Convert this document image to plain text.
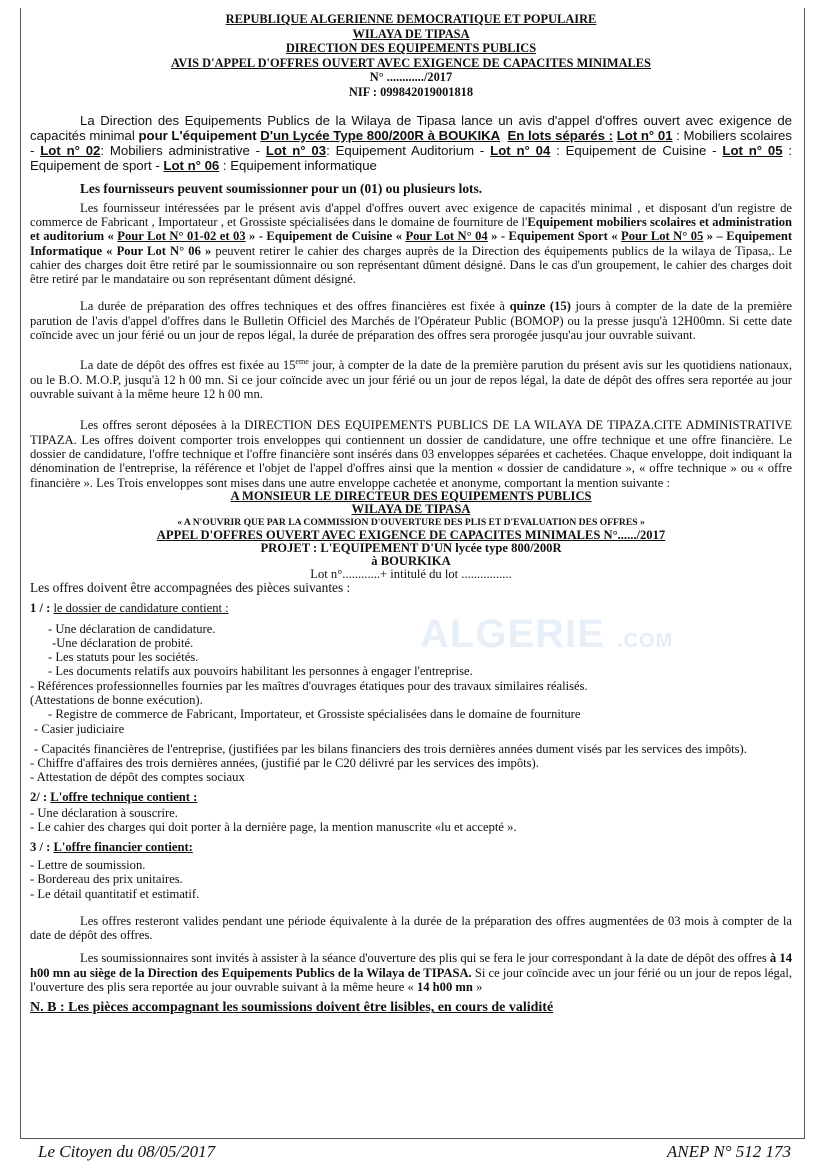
ALGERIE .COM
REPUBLIQUE ALGERIENNE DEMOCRATIQUE ET POPULAIRE
WILAYA DE TIPASA
DIRECTION DES EQUIPEMENTS PUBLICS
AVIS D'APPEL D'OFFRES OUVERT AVEC EXIGENCE DE CAPACITES MINIMALES
N° ............/2017
NIF : 099842019001818

La Direction des Equipements Publics de la Wilaya de Tipasa lance un avis d'appel d'offres ouvert avec exigence de capacités minimal pour L'équipement D'un Lycée Type 800/200R à BOUKIKA En lots séparés : Lot n° 01 : Mobiliers scolaires - Lot n° 02: Mobiliers administrative - Lot n° 03: Equipement Auditorium - Lot n° 04 : Equipement de Cuisine - Lot n° 05 : Equipement de sport - Lot n° 06 : Equipement informatique

Les fournisseurs peuvent soumissionner pour un (01) ou plusieurs lots.

Les fournisseur intéressées par le présent avis d'appel d'offres ouvert avec exigence de capacités minimal , et disposant d'un registre de commerce de Fabricant , Importateur , et Grossiste spécialisées dans le domaine de fourniture de l'Equipement mobiliers scolaires et administration et auditorium « Pour Lot N° 01-02 et 03 » - Equipement de Cuisine « Pour Lot N° 04 » - Equipement Sport « Pour Lot N° 05 » – Equipement Informatique « Pour Lot N° 06 » peuvent retirer le cahier des charges auprès de la Direction des équipements publics de la wilaya de Tipasa,. Le cahier des charges doit être retiré par le soumissionnaire ou son représentant dûment désigné. Dans le cas d'un groupement, le cahier des charges doit être retiré par le mandataire ou son représentant dûment désigné.

La durée de préparation des offres techniques et des offres financières est fixée à quinze (15) jours à compter de la date de la première parution de l'avis d'appel d'offres dans le Bulletin Officiel des Marchés de l'Opérateur Public (BOMOP) ou la presse jusqu'à 12H00mn. Si cette date coïncide avec un jour férié ou un jour de repos légal, la durée de préparation des offres sera prorogée jusqu'au jour ouvrable suivant.

La date de dépôt des offres est fixée au 15eme jour, à compter de la date de la première parution du présent avis sur les quotidiens nationaux, ou le B.O. M.O.P, jusqu'à 12 h 00 mn. Si ce jour coïncide avec un jour férié ou un jour de repos légal, la date de dépôt des offres sera reportée au jour ouvrable suivant à la même heure 12 h 00 mn.

Les offres seront déposées à la DIRECTION DES EQUIPEMENTS PUBLICS DE LA WILAYA DE TIPAZA.CITE ADMINISTRATIVE TIPAZA. Les offres doivent comporter trois enveloppes qui contiennent un dossier de candidature, une offre technique et une offre financière. Le dossier de candidature, l'offre technique et l'offre financière sont insérés dans 03 enveloppes séparées et cachetées. Chaque enveloppe, doit indiquant la dénomination de l'entreprise, la référence et l'objet de l'appel d'offres ainsi que la mention « dossier de candidature », « offre technique » ou « offre financière ». Les Trois enveloppes sont mises dans une autre enveloppe cachetée et anonyme, comportant la mention suivante :

A MONSIEUR LE DIRECTEUR DES EQUIPEMENTS PUBLICS
WILAYA DE TIPASA
« A N'OUVRIR QUE PAR LA COMMISSION D'OUVERTURE DES PLIS ET D'EVALUATION DES OFFRES »
APPEL D'OFFRES OUVERT AVEC EXIGENCE DE CAPACITES MINIMALES N°....../2017
PROJET : L'EQUIPEMENT D'UN lycée type 800/200R
à BOURKIKA
Lot n°............+ intitulé du lot ................

Les offres doivent être accompagnées des pièces suivantes :

1 / : le dossier de candidature contient :

- Une déclaration de candidature.

-Une déclaration de probité.

- Les statuts pour les sociétés.

- Les documents relatifs aux pouvoirs habilitant les personnes à engager l'entreprise.

- Références professionnelles fournies par les maîtres d'ouvrages étatiques pour des travaux similaires réalisés.

(Attestations de bonne exécution).

- Registre de commerce de Fabricant, Importateur, et Grossiste spécialisées dans le domaine de fourniture

- Casier judiciaire

- Capacités financières de l'entreprise, (justifiées par les bilans financiers des trois dernières années dument visés par les services des impôts).

- Chiffre d'affaires des trois dernières années, (justifié par le C20 délivré par les services des impôts).

- Attestation de dépôt des comptes sociaux

2/ : L'offre technique contient :

- Une déclaration à souscrire.

- Le cahier des charges qui doit porter à la dernière page, la mention manuscrite «lu et accepté ».

3 / : L'offre financier contient:

- Lettre de soumission.

- Bordereau des prix unitaires.

- Le détail quantitatif et estimatif.

Les offres resteront valides pendant une période équivalente à la durée de la préparation des offres augmentées de 03 mois à compter de la date de dépôt des offres.

Les soumissionnaires sont invités à assister à la séance d'ouverture des plis qui se fera le jour correspondant à la date de dépôt des offres à 14 h00 mn au siège de la Direction des Equipements Publics de la Wilaya de TIPASA. Si ce jour coïncide avec un jour férié ou un jour de repos légal, l'ouverture des plis sera reportée au jour ouvrable suivant à la même heure « 14 h00 mn »

N. B : Les pièces accompagnant les soumissions doivent être lisibles, en cours de validité

Le Citoyen du 08/05/2017	ANEP N° 512 173
